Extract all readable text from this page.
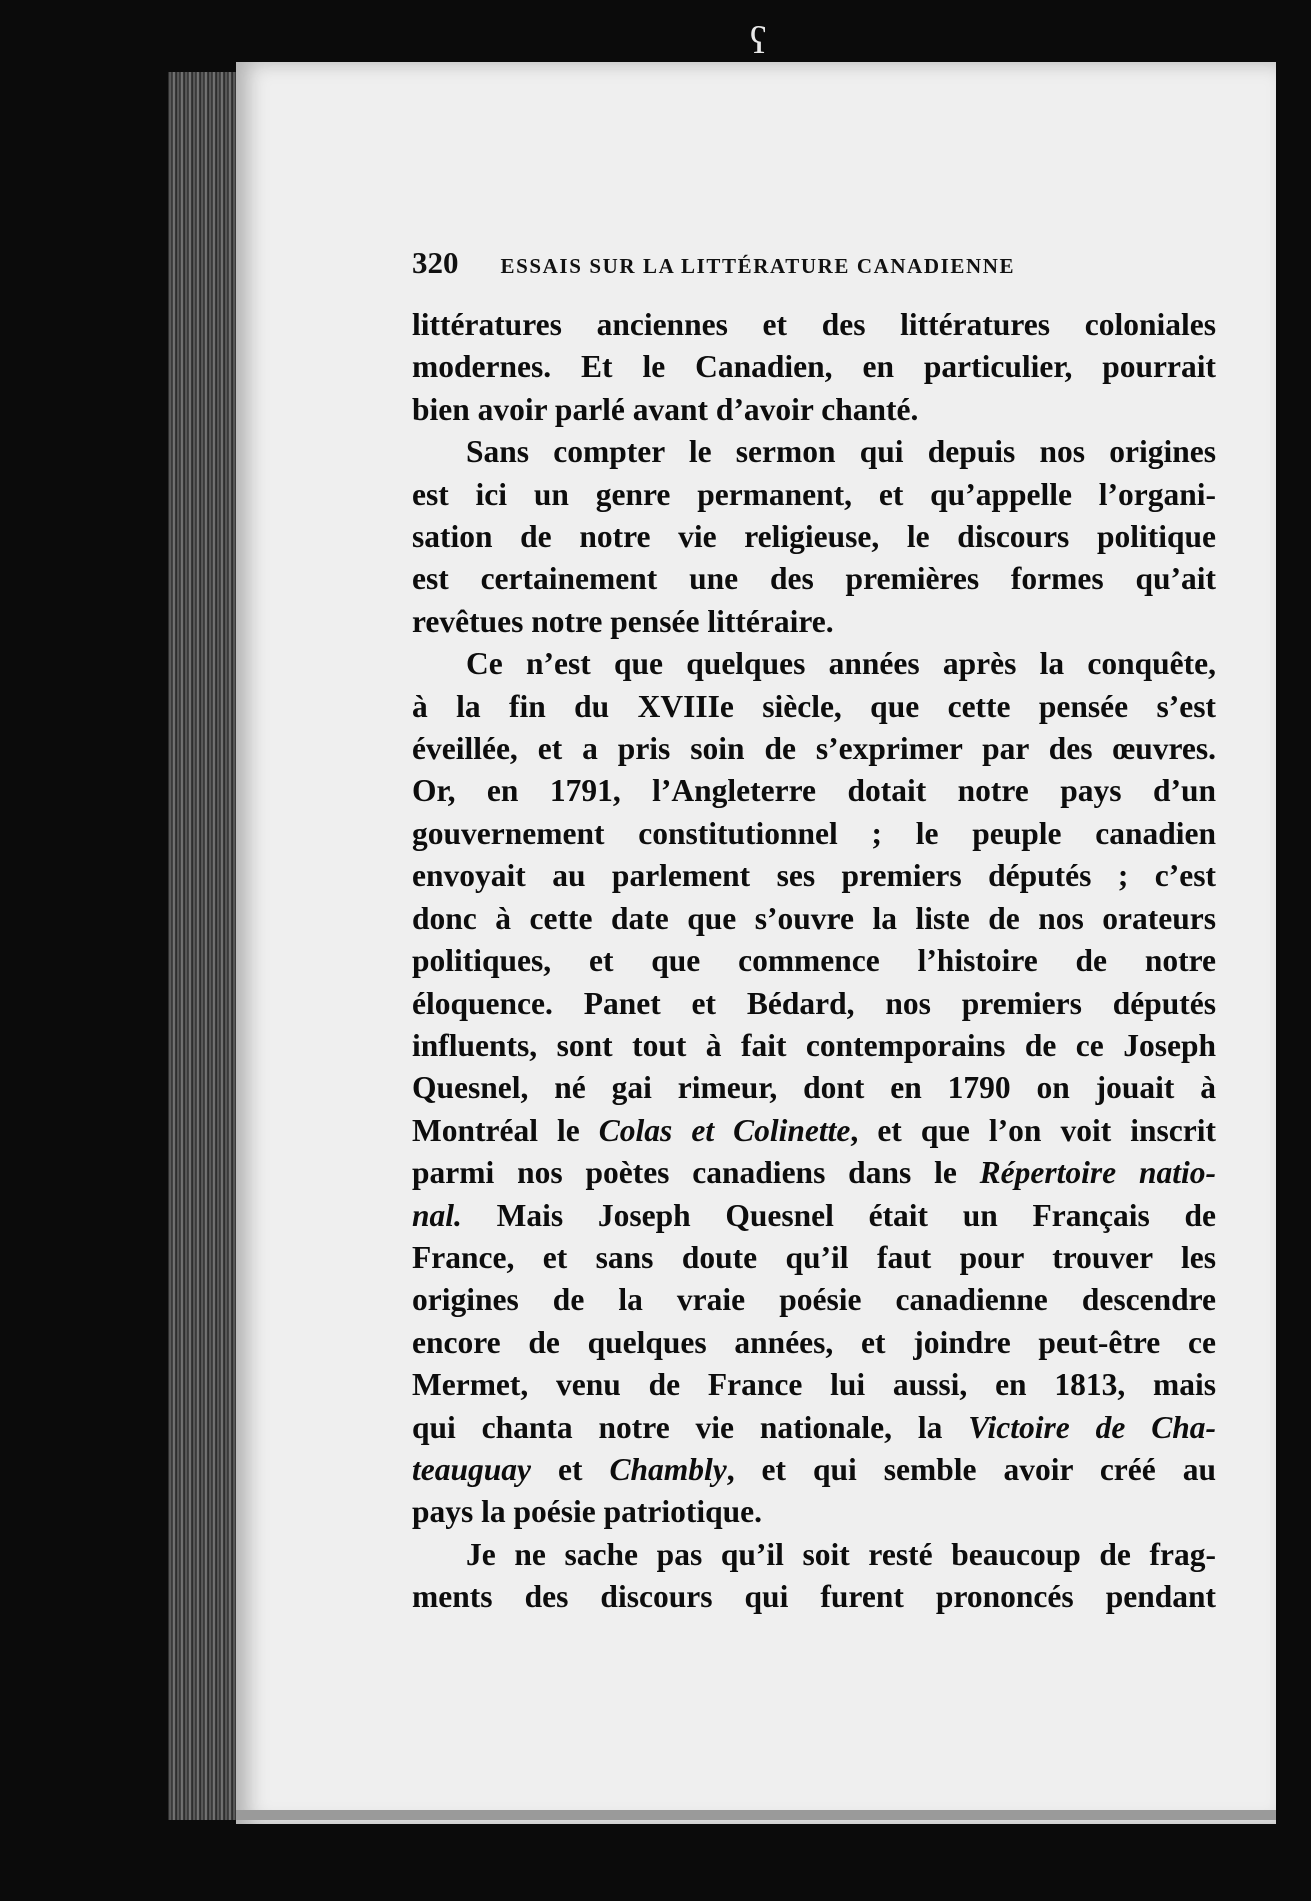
ʕ
320 ESSAIS SUR LA LITTÉRATURE CANADIENNE
littératures anciennes et des littératures coloniales
modernes. Et le Canadien, en particulier, pourrait
bien avoir parlé avant d’avoir chanté.
Sans compter le sermon qui depuis nos origines
est ici un genre permanent, et qu’appelle l’organi-
sation de notre vie religieuse, le discours politique
est certainement une des premières formes qu’ait
revêtues notre pensée littéraire.
Ce n’est que quelques années après la conquête,
à la fin du XVIIIe siècle, que cette pensée s’est
éveillée, et a pris soin de s’exprimer par des œuvres.
Or, en 1791, l’Angleterre dotait notre pays d’un
gouvernement constitutionnel ; le peuple canadien
envoyait au parlement ses premiers députés ; c’est
donc à cette date que s’ouvre la liste de nos orateurs
politiques, et que commence l’histoire de notre
éloquence. Panet et Bédard, nos premiers députés
influents, sont tout à fait contemporains de ce Joseph
Quesnel, né gai rimeur, dont en 1790 on jouait à
Montréal le Colas et Colinette, et que l’on voit inscrit
parmi nos poètes canadiens dans le Répertoire natio-
nal. Mais Joseph Quesnel était un Français de
France, et sans doute qu’il faut pour trouver les
origines de la vraie poésie canadienne descendre
encore de quelques années, et joindre peut-être ce
Mermet, venu de France lui aussi, en 1813, mais
qui chanta notre vie nationale, la Victoire de Cha-
teauguay et Chambly, et qui semble avoir créé au
pays la poésie patriotique.
Je ne sache pas qu’il soit resté beaucoup de frag-
ments des discours qui furent prononcés pendant
